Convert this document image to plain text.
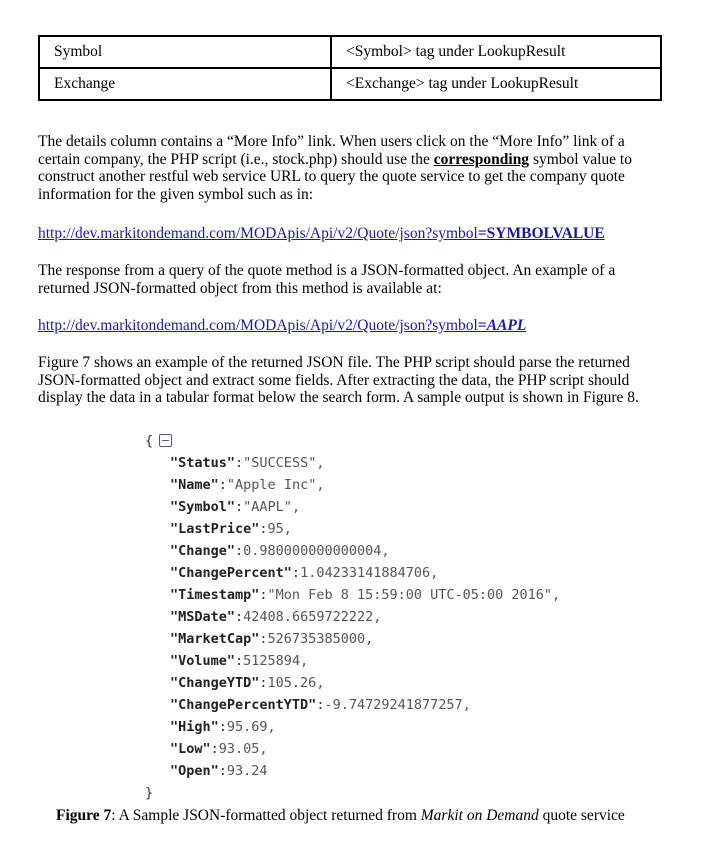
Symbol	<Symbol> tag under LookupResult
Exchange	<Exchange> tag under LookupResult

The details column contains a “More Info” link. When users click on the “More Info” link of a certain company, the PHP script (i.e., stock.php) should use the corresponding symbol value to construct another restful web service URL to query the quote service to get the company quote information for the given symbol such as in:

http://dev.markitondemand.com/MODApis/Api/v2/Quote/json?symbol=SYMBOLVALUE

The response from a query of the quote method is a JSON-formatted object. An example of a returned JSON-formatted object from this method is available at:

http://dev.markitondemand.com/MODApis/Api/v2/Quote/json?symbol=AAPL

Figure 7 shows an example of the returned JSON file. The PHP script should parse the returned JSON-formatted object and extract some fields. After extracting the data, the PHP script should display the data in a tabular format below the search form. A sample output is shown in Figure 8.

{
"Status":"SUCCESS",
"Name":"Apple Inc",
"Symbol":"AAPL",
"LastPrice":95,
"Change":0.980000000000004,
"ChangePercent":1.04233141884706,
"Timestamp":"Mon Feb 8 15:59:00 UTC-05:00 2016",
"MSDate":42408.6659722222,
"MarketCap":526735385000,
"Volume":5125894,
"ChangeYTD":105.26,
"ChangePercentYTD":-9.74729241877257,
"High":95.69,
"Low":93.05,
"Open":93.24
}

Figure 7: A Sample JSON-formatted object returned from Markit on Demand quote service
